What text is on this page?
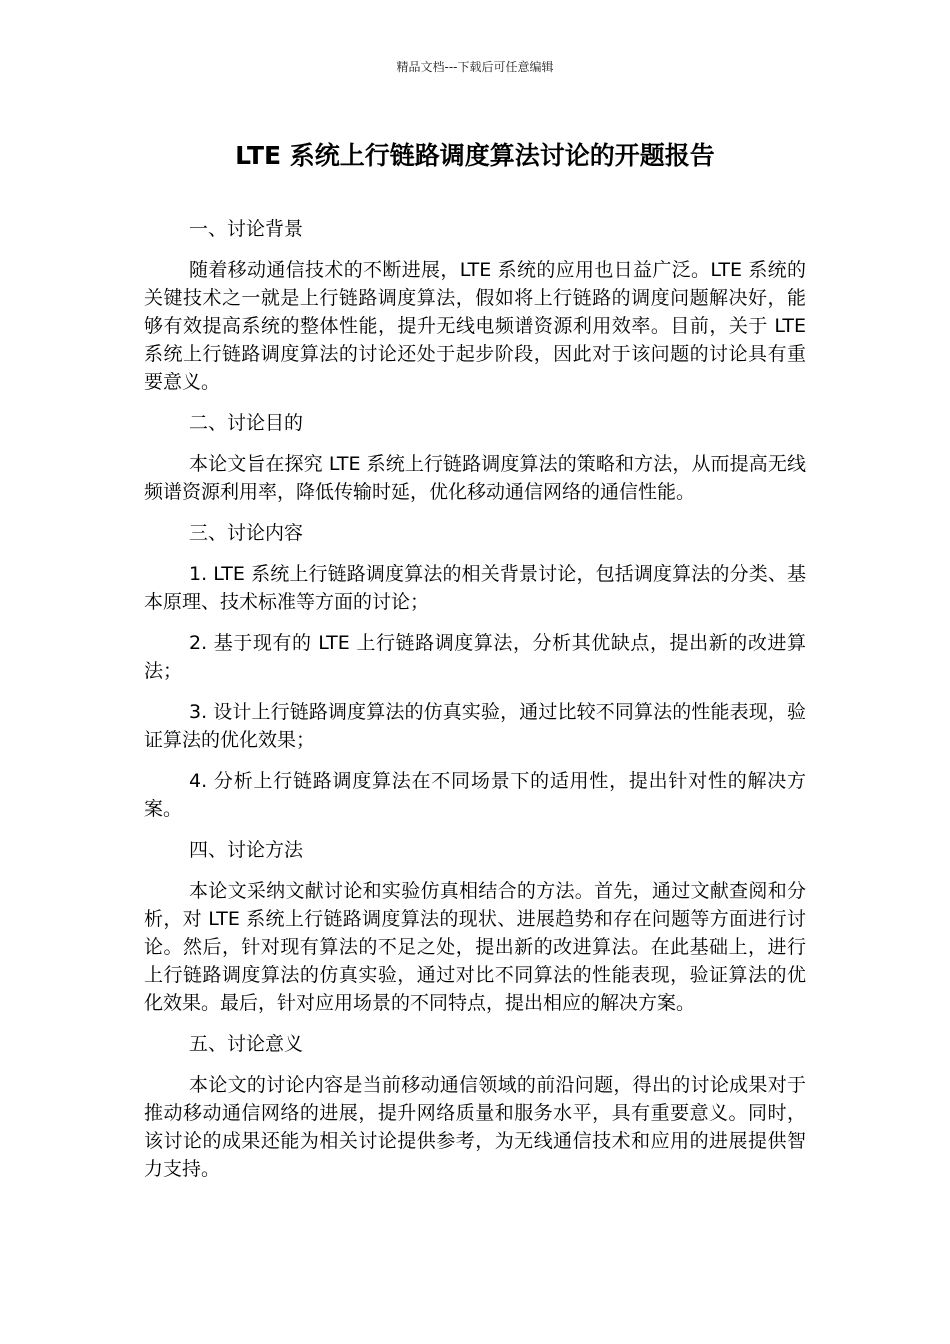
精品文档---下载后可任意编辑
LTE 系统上行链路调度算法讨论的开题报告

一、讨论背景

随着移动通信技术的不断进展，LTE 系统的应用也日益广泛。LTE 系统的关键技术之一就是上行链路调度算法，假如将上行链路的调度问题解决好，能够有效提高系统的整体性能，提升无线电频谱资源利用效率。目前，关于 LTE 系统上行链路调度算法的讨论还处于起步阶段，因此对于该问题的讨论具有重要意义。

二、讨论目的

本论文旨在探究 LTE 系统上行链路调度算法的策略和方法，从而提高无线频谱资源利用率，降低传输时延，优化移动通信网络的通信性能。

三、讨论内容

1. LTE 系统上行链路调度算法的相关背景讨论，包括调度算法的分类、基本原理、技术标准等方面的讨论；

2. 基于现有的 LTE 上行链路调度算法，分析其优缺点，提出新的改进算法；

3. 设计上行链路调度算法的仿真实验，通过比较不同算法的性能表现，验证算法的优化效果；

4. 分析上行链路调度算法在不同场景下的适用性，提出针对性的解决方案。

四、讨论方法

本论文采纳文献讨论和实验仿真相结合的方法。首先，通过文献查阅和分析，对 LTE 系统上行链路调度算法的现状、进展趋势和存在问题等方面进行讨论。然后，针对现有算法的不足之处，提出新的改进算法。在此基础上，进行上行链路调度算法的仿真实验，通过对比不同算法的性能表现，验证算法的优化效果。最后，针对应用场景的不同特点，提出相应的解决方案。

五、讨论意义

本论文的讨论内容是当前移动通信领域的前沿问题，得出的讨论成果对于推动移动通信网络的进展，提升网络质量和服务水平，具有重要意义。同时，该讨论的成果还能为相关讨论提供参考，为无线通信技术和应用的进展提供智力支持。
